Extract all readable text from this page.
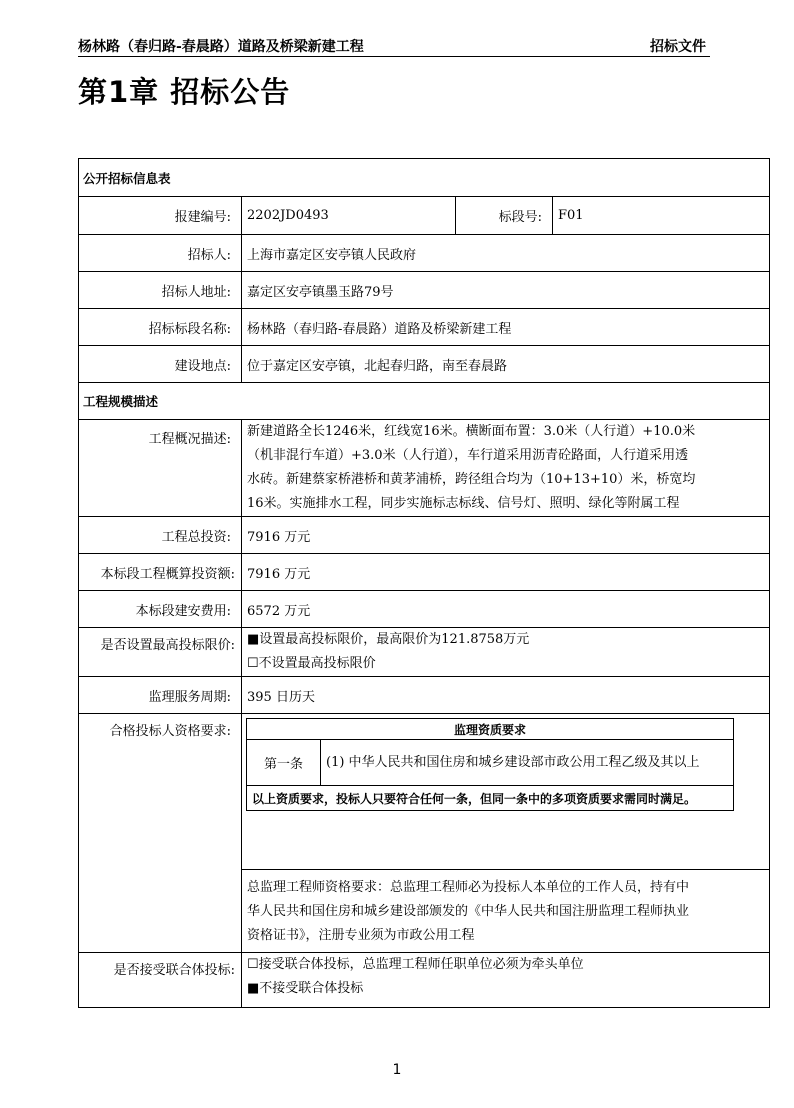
杨林路（春归路-春晨路）道路及桥梁新建工程	招标文件
第1章 招标公告
公开招标信息表
报建编号:	2202JD0493	标段号:	F01
招标人:	上海市嘉定区安亭镇人民政府
招标人地址:	嘉定区安亭镇墨玉路79号
招标标段名称:	杨林路（春归路-春晨路）道路及桥梁新建工程
建设地点:	位于嘉定区安亭镇，北起春归路，南至春晨路
工程规模描述
工程概况描述:	
新建道路全长1246米，红线宽16米。横断面布置：3.0米（人行道）+10.0米
（机非混行车道）+3.0米（人行道），车行道采用沥青砼路面，人行道采用透
水砖。新建蔡家桥港桥和黄茅浦桥，跨径组合均为（10+13+10）米，桥宽均
16米。实施排水工程，同步实施标志标线、信号灯、照明、绿化等附属工程

工程总投资:	7916 万元
本标段工程概算投资额:	7916 万元
本标段建安费用:	6572 万元
是否设置最高投标限价:	■设置最高投标限价，最高限价为121.8758万元
☐不设置最高投标限价

监理服务周期:	395 日历天
合格投标人资格要求:		监理资质要求
第一条	(1) 中华人民共和国住房和城乡建设部市政公用工程乙级及其以上
以上资质要求，投标人只要符合任何一条，但同一条中的多项资质要求需同时满足。
总监理工程师资格要求：总监理工程师必为投标人本单位的工作人员，持有中
华人民共和国住房和城乡建设部颁发的《中华人民共和国注册监理工程师执业
资格证书》，注册专业须为市政公用工程

是否接受联合体投标:	☐接受联合体投标，总监理工程师任职单位必须为牵头单位
■不接受联合体投标
1
